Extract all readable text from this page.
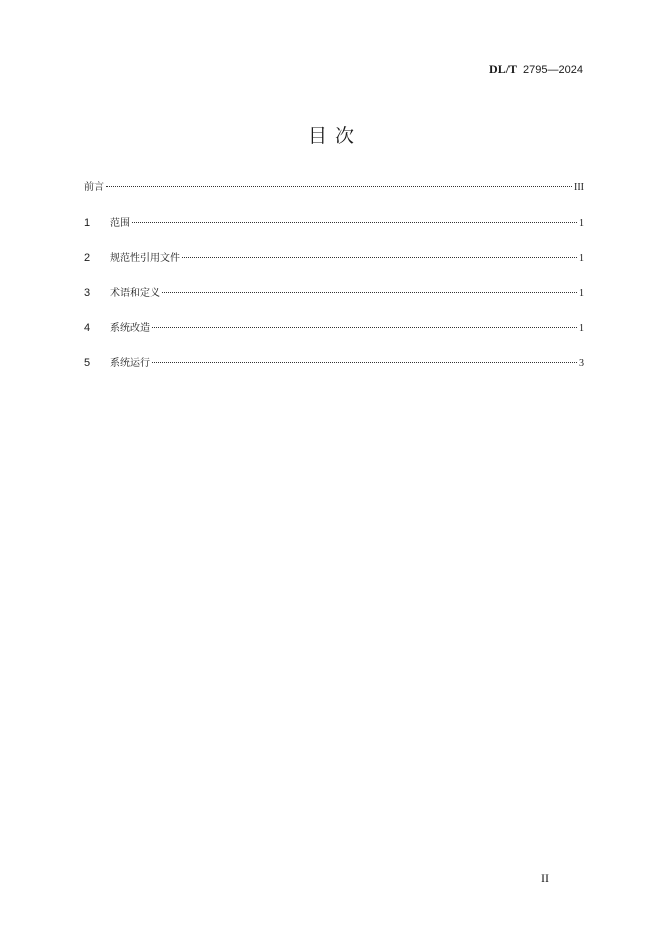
DL/T 2795—2024
目次
前言	III
1	范围	1
2	规范性引用文件	1
3	术语和定义	1
4	系统改造	1
5	系统运行	3
II
